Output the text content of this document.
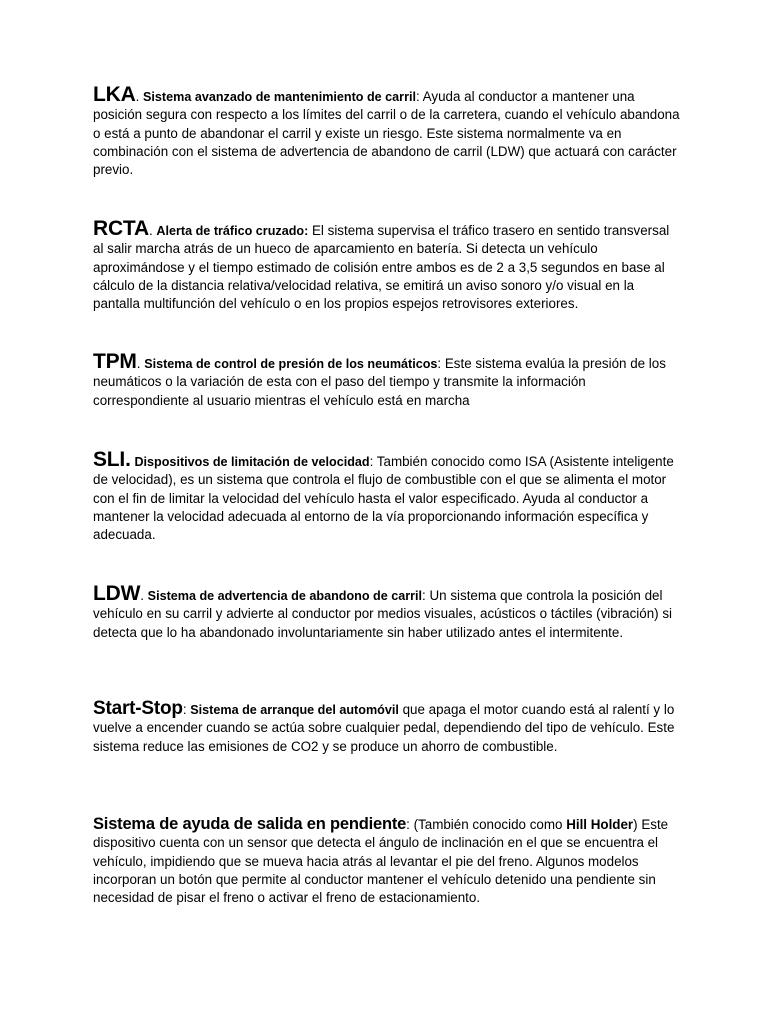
LKA. Sistema avanzado de mantenimiento de carril: Ayuda al conductor a mantener una posición segura con respecto a los límites del carril o de la carretera, cuando el vehículo abandona o está a punto de abandonar el carril y existe un riesgo. Este sistema normalmente va en combinación con el sistema de advertencia de abandono de carril (LDW) que actuará con carácter previo.

RCTA. Alerta de tráfico cruzado: El sistema supervisa el tráfico trasero en sentido transversal al salir marcha atrás de un hueco de aparcamiento en batería. Si detecta un vehículo aproximándose y el tiempo estimado de colisión entre ambos es de 2 a 3,5 segundos en base al cálculo de la distancia relativa/velocidad relativa, se emitirá un aviso sonoro y/o visual en la pantalla multifunción del vehículo o en los propios espejos retrovisores exteriores.

TPM. Sistema de control de presión de los neumáticos: Este sistema evalúa la presión de los neumáticos o la variación de esta con el paso del tiempo y transmite la información correspondiente al usuario mientras el vehículo está en marcha

SLI. Dispositivos de limitación de velocidad: También conocido como ISA (Asistente inteligente de velocidad), es un sistema que controla el flujo de combustible con el que se alimenta el motor con el fin de limitar la velocidad del vehículo hasta el valor especificado. Ayuda al conductor a mantener la velocidad adecuada al entorno de la vía proporcionando información específica y adecuada.

LDW. Sistema de advertencia de abandono de carril: Un sistema que controla la posición del vehículo en su carril y advierte al conductor por medios visuales, acústicos o táctiles (vibración) si detecta que lo ha abandonado involuntariamente sin haber utilizado antes el intermitente.

Start-Stop: Sistema de arranque del automóvil que apaga el motor cuando está al ralentí y lo vuelve a encender cuando se actúa sobre cualquier pedal, dependiendo del tipo de vehículo. Este sistema reduce las emisiones de CO2 y se produce un ahorro de combustible.

Sistema de ayuda de salida en pendiente: (También conocido como Hill Holder) Este dispositivo cuenta con un sensor que detecta el ángulo de inclinación en el que se encuentra el vehículo, impidiendo que se mueva hacia atrás al levantar el pie del freno. Algunos modelos incorporan un botón que permite al conductor mantener el vehículo detenido una pendiente sin necesidad de pisar el freno o activar el freno de estacionamiento.
